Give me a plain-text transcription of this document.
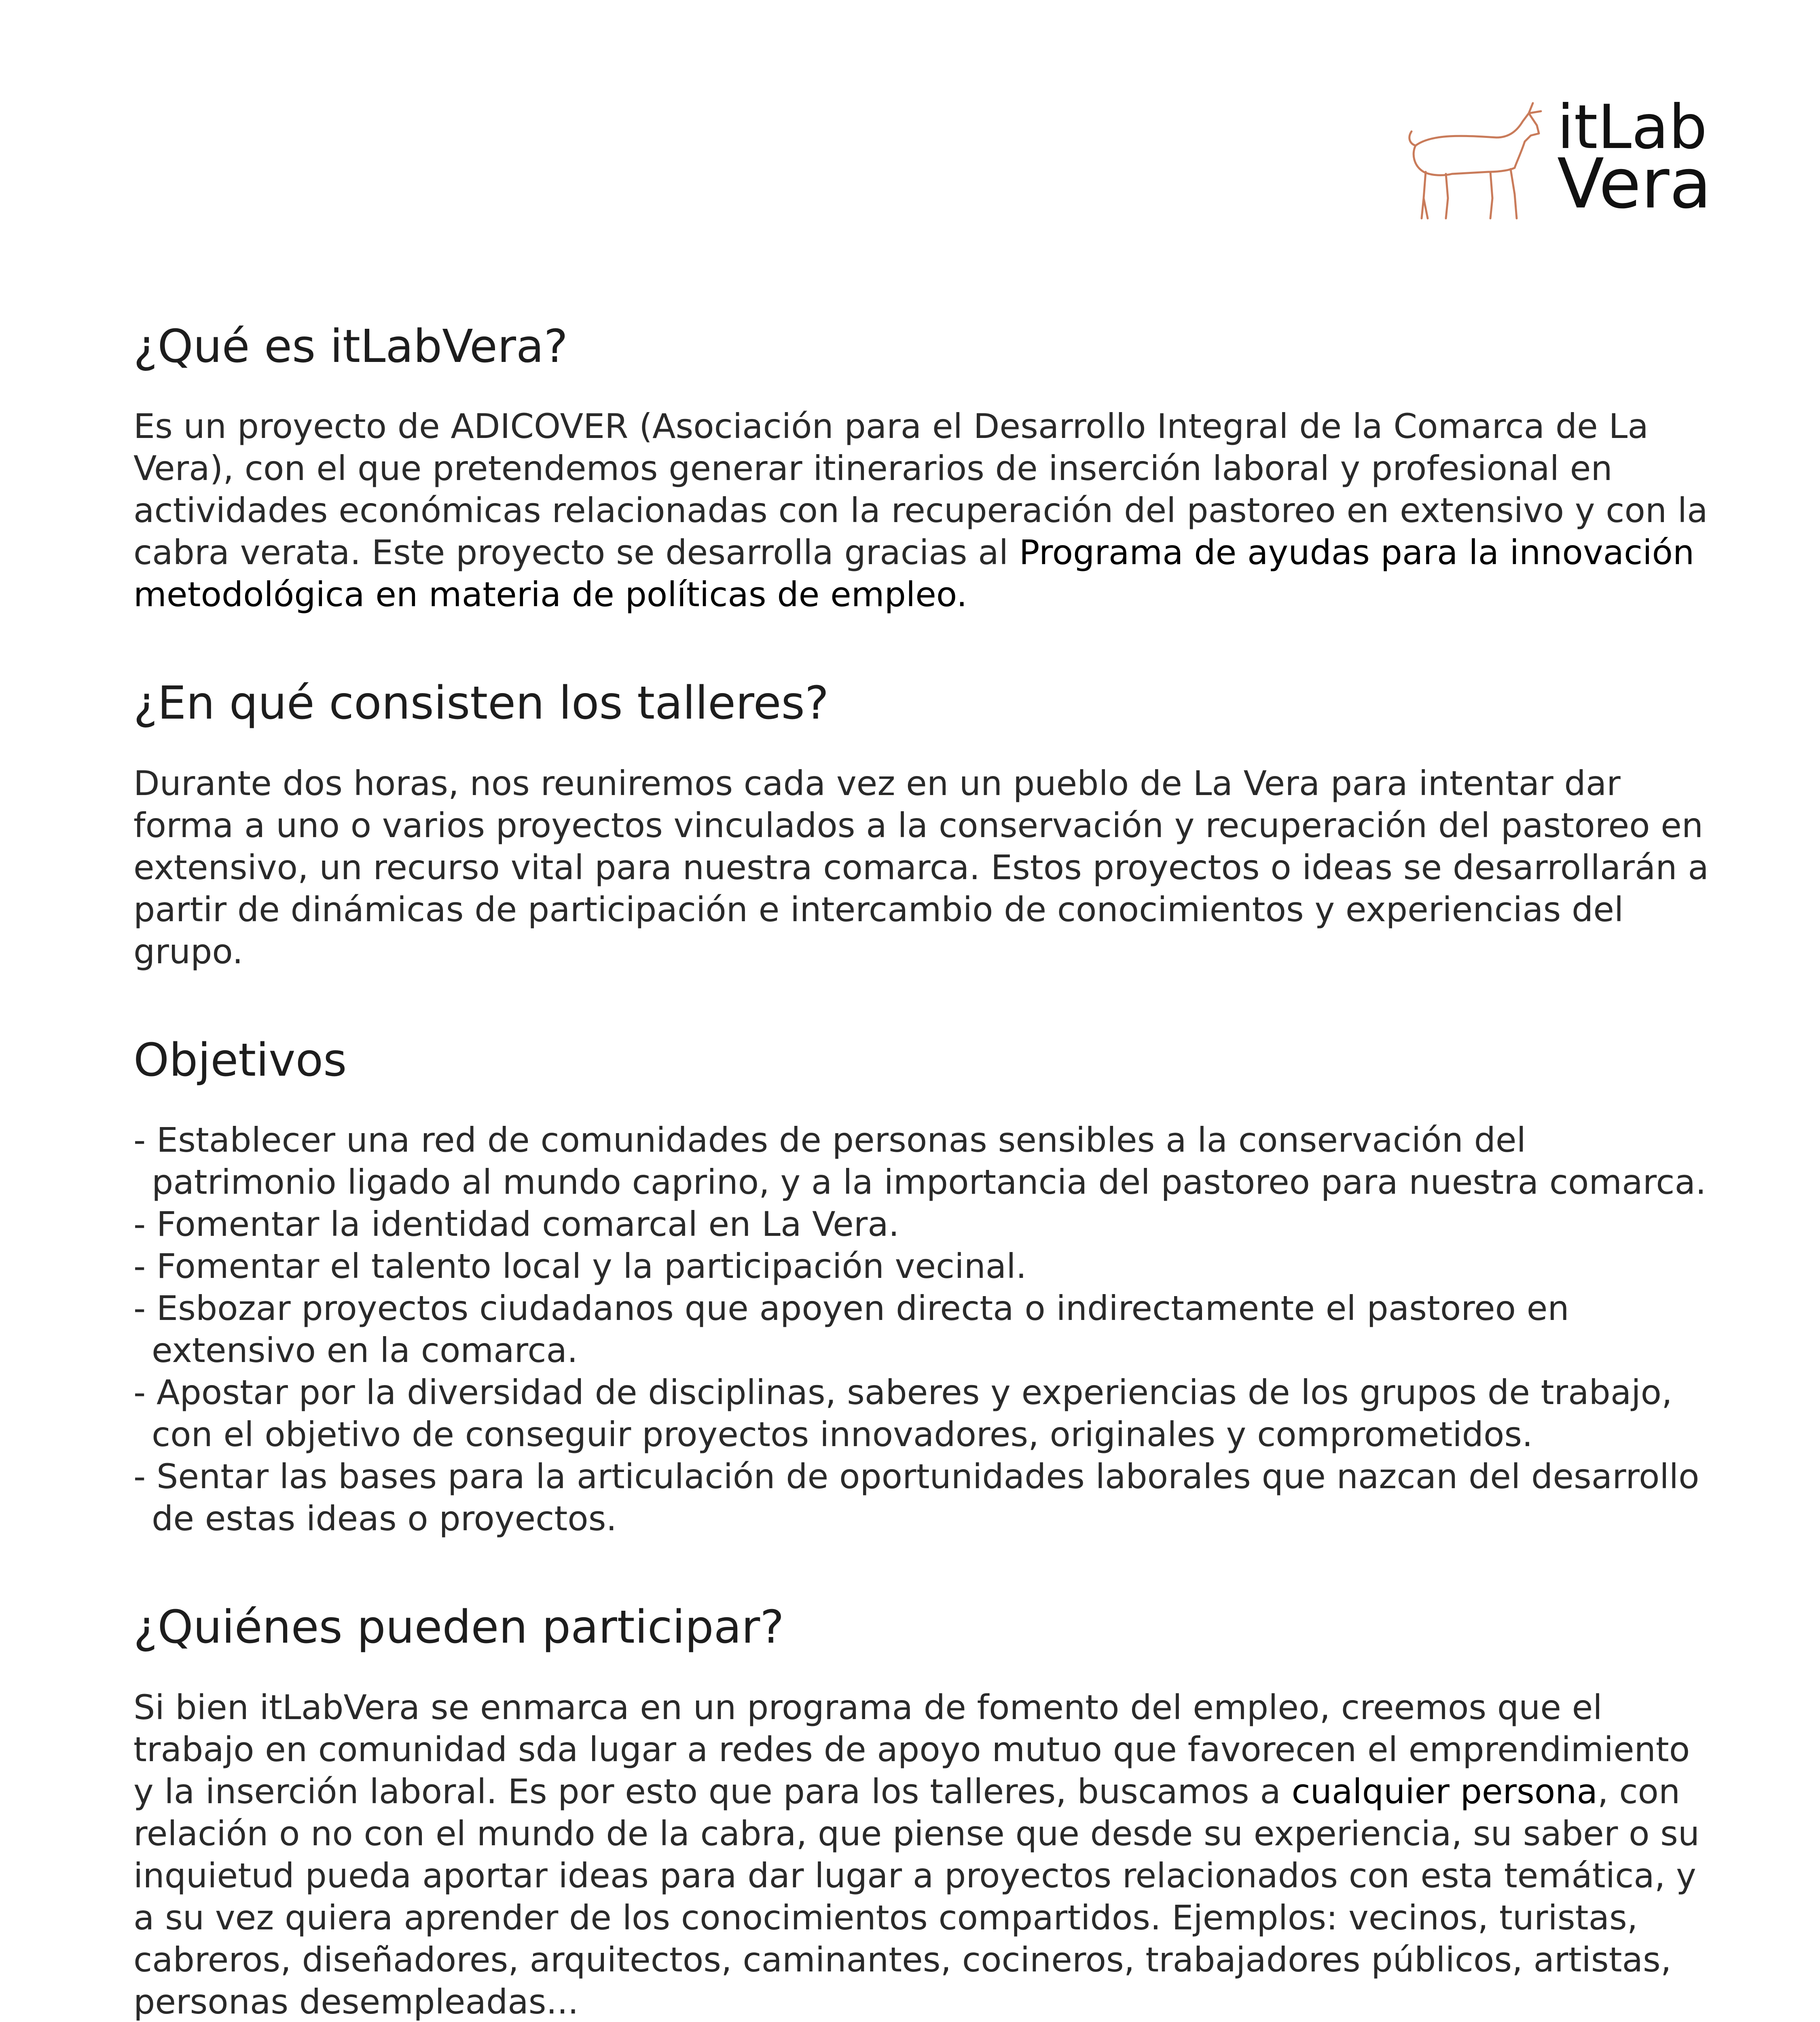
itLab
Vera
¿Qué es itLabVera?

Es un proyecto de ADICOVER (Asociación para el Desarrollo Integral de la Comarca de La Vera), con el que pretendemos generar itinerarios de inserción laboral y profesional en actividades económicas relacionadas con la recuperación del pastoreo en extensivo y con la cabra verata. Este proyecto se desarrolla gracias al Programa de ayudas para la innovación metodológica en materia de políticas de empleo.

¿En qué consisten los talleres?

Durante dos horas, nos reuniremos cada vez en un pueblo de La Vera para intentar dar forma a uno o varios proyectos vinculados a la conservación y recuperación del pastoreo en extensivo, un recurso vital para nuestra comarca. Estos proyectos o ideas se desarrollarán a partir de dinámicas de participación e intercambio de conocimientos y experiencias del grupo.

Objetivos
- Establecer una red de comunidades de personas sensibles a la conservación del patrimonio ligado al mundo caprino, y a la importancia del pastoreo para nuestra comarca.
- Fomentar la identidad comarcal en La Vera.
- Fomentar el talento local y la participación vecinal.
- Esbozar proyectos ciudadanos que apoyen directa o indirectamente el pastoreo en extensivo en la comarca.
- Apostar por la diversidad de disciplinas, saberes y experiencias de los grupos de trabajo, con el objetivo de conseguir proyectos innovadores, originales y comprometidos.
- Sentar las bases para la articulación de oportunidades laborales que nazcan del desarrollo de estas ideas o proyectos.
¿Quiénes pueden participar?

Si bien itLabVera se enmarca en un programa de fomento del empleo, creemos que el trabajo en comunidad sda lugar a redes de apoyo mutuo que favorecen el emprendimiento y la inserción laboral. Es por esto que para los talleres, buscamos a cualquier persona, con relación o no con el mundo de la cabra, que piense que desde su experiencia, su saber o su inquietud pueda aportar ideas para dar lugar a proyectos relacionados con esta temática, y a su vez quiera aprender de los conocimientos compartidos. Ejemplos: vecinos, turistas, cabreros, diseñadores, arquitectos, caminantes, cocineros, trabajadores públicos, artistas, personas desempleadas...
